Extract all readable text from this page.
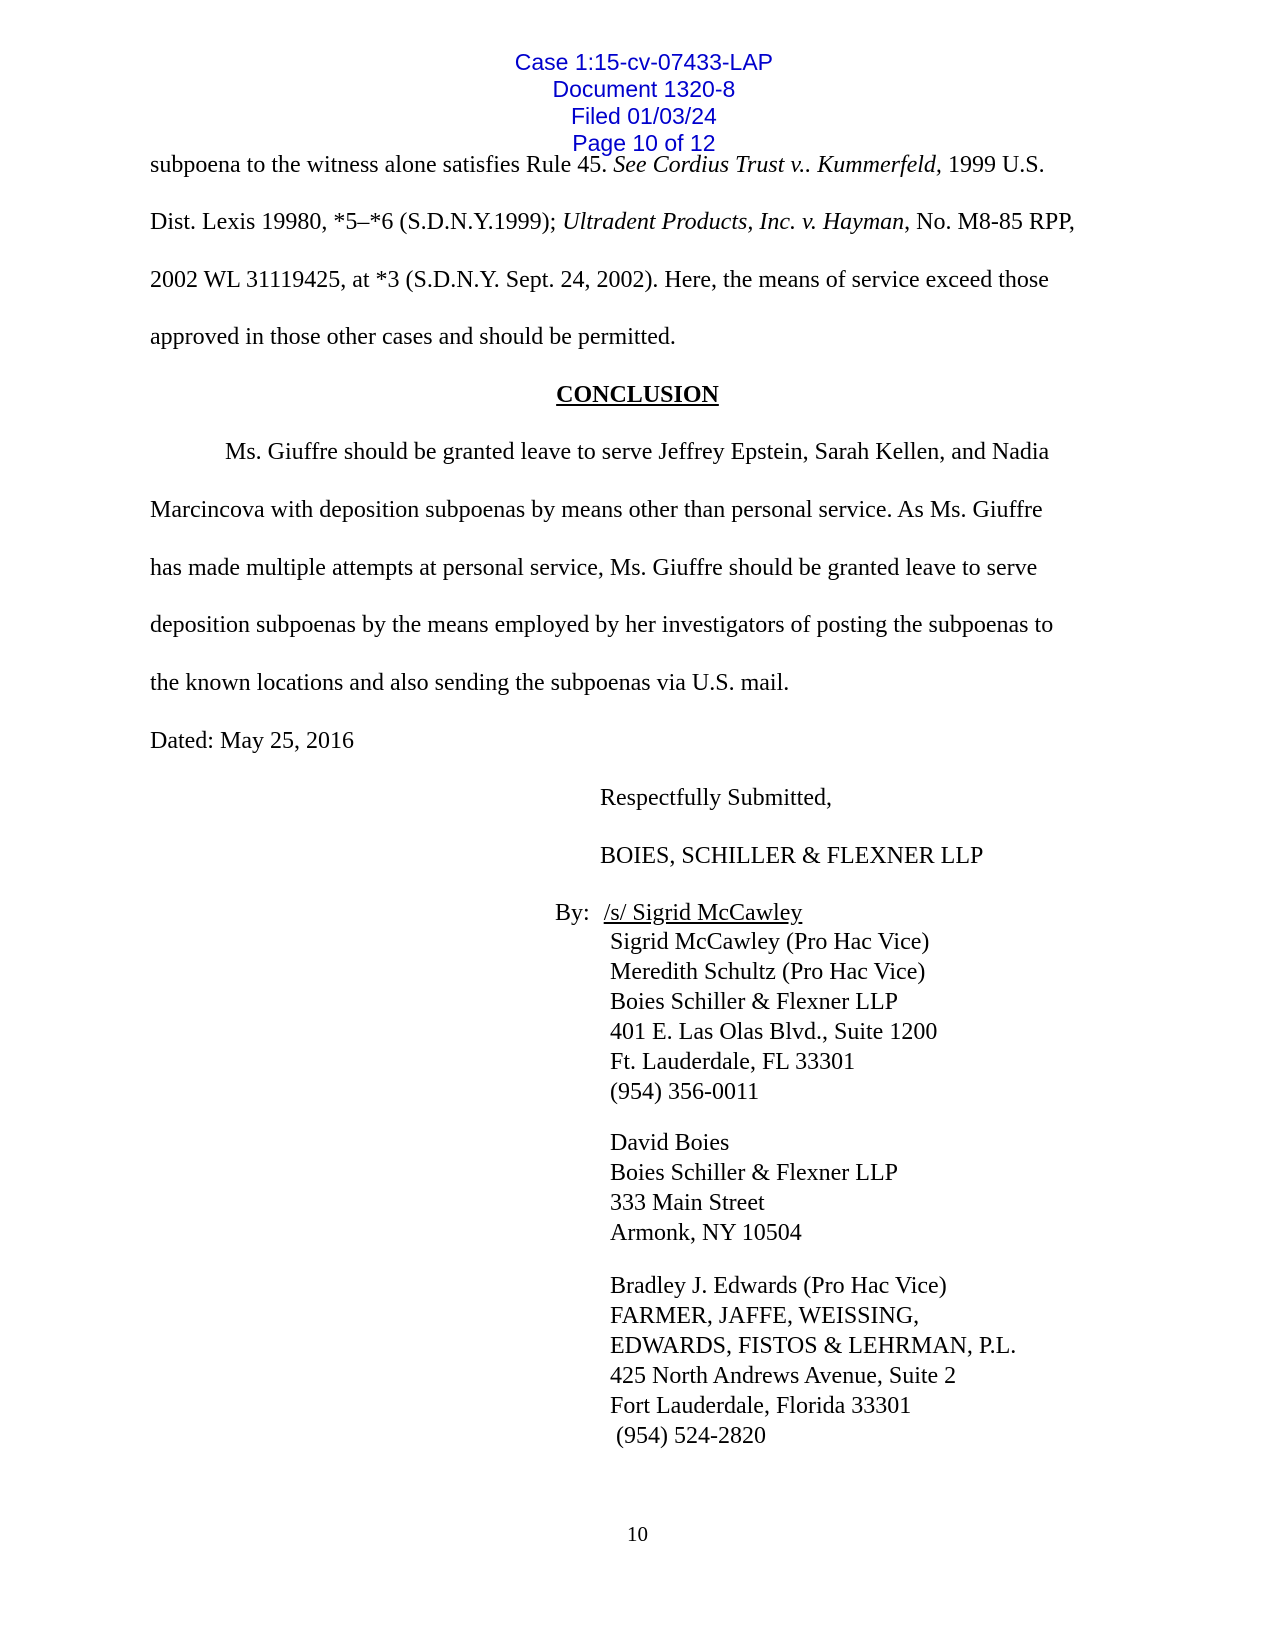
Case 1:15-cv-07433-LAP
Document 1320-8
Filed 01/03/24
Page 10 of 12

subpoena to the witness alone satisfies Rule 45. See Cordius Trust v.. Kummerfeld, 1999 U.S.
Dist. Lexis 19980, *5–*6 (S.D.N.Y.1999); Ultradent Products, Inc. v. Hayman, No. M8-85 RPP,
2002 WL 31119425, at *3 (S.D.N.Y. Sept. 24, 2002). Here, the means of service exceed those
approved in those other cases and should be permitted.
CONCLUSION
Ms. Giuffre should be granted leave to serve Jeffrey Epstein, Sarah Kellen, and Nadia
Marcincova with deposition subpoenas by means other than personal service. As Ms. Giuffre
has made multiple attempts at personal service, Ms. Giuffre should be granted leave to serve
deposition subpoenas by the means employed by her investigators of posting the subpoenas to
the known locations and also sending the subpoenas via U.S. mail.
Dated: May 25, 2016
Respectfully Submitted,
BOIES, SCHILLER & FLEXNER LLP
By: /s/ Sigrid McCawley
Sigrid McCawley (Pro Hac Vice)
Meredith Schultz (Pro Hac Vice)
Boies Schiller & Flexner LLP
401 E. Las Olas Blvd., Suite 1200
Ft. Lauderdale, FL 33301
(954) 356-0011
David Boies
Boies Schiller & Flexner LLP
333 Main Street
Armonk, NY 10504
Bradley J. Edwards (Pro Hac Vice)
FARMER, JAFFE, WEISSING,
EDWARDS, FISTOS & LEHRMAN, P.L.
425 North Andrews Avenue, Suite 2
Fort Lauderdale, Florida 33301
(954) 524-2820
10
